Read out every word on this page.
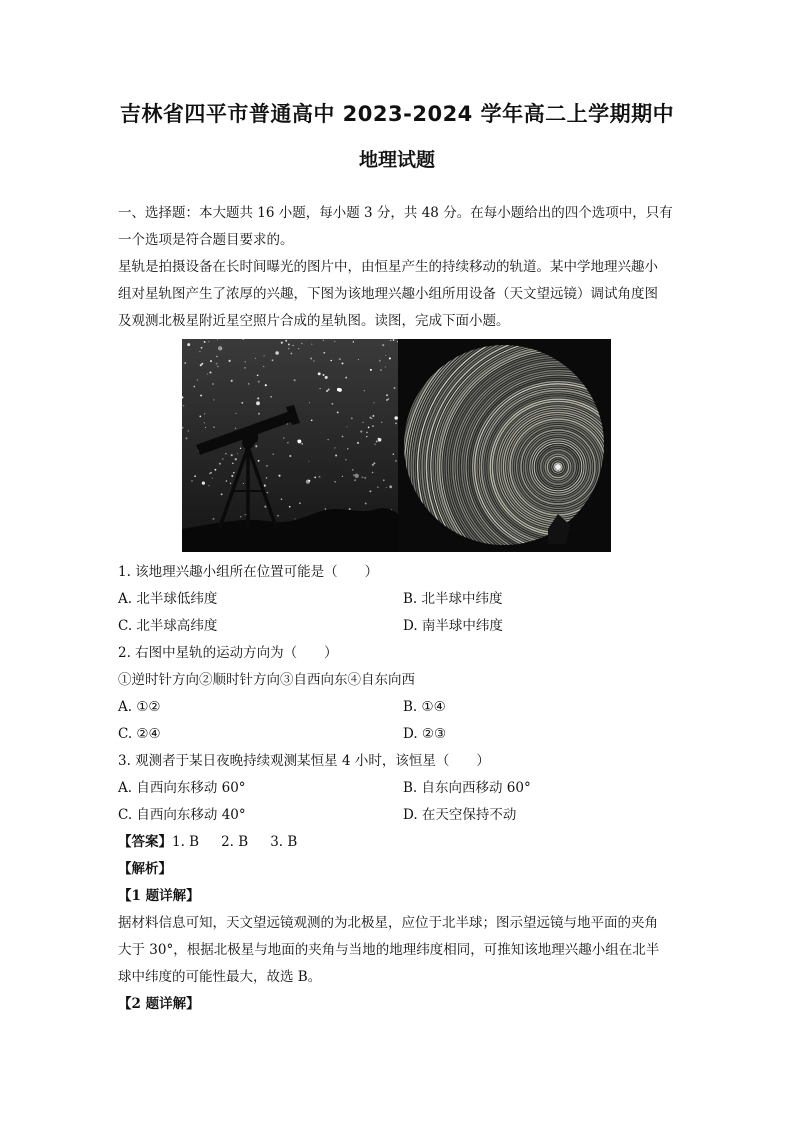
吉林省四平市普通高中 2023-2024 学年高二上学期期中
地理试题
一、选择题：本大题共 16 小题，每小题 3 分，共 48 分。在每小题给出的四个选项中，只有
一个选项是符合题目要求的。
星轨是拍摄设备在长时间曝光的图片中，由恒星产生的持续移动的轨道。某中学地理兴趣小
组对星轨图产生了浓厚的兴趣，下图为该地理兴趣小组所用设备（天文望远镜）调试角度图
及观测北极星附近星空照片合成的星轨图。读图，完成下面小题。
1. 该地理兴趣小组所在位置可能是（　　）
A. 北半球低纬度	B. 北半球中纬度
C. 北半球高纬度	D. 南半球中纬度
2. 右图中星轨的运动方向为（　　）
①逆时针方向②顺时针方向③自西向东④自东向西
A. ①②	B. ①④
C. ②④	D. ②③
3. 观测者于某日夜晚持续观测某恒星 4 小时，该恒星（　　）
A. 自西向东移动 60°	B. 自东向西移动 60°
C. 自西向东移动 40°	D. 在天空保持不动
【答案】1. B 2. B 3. B
【解析】
【1 题详解】
据材料信息可知，天文望远镜观测的为北极星，应位于北半球；图示望远镜与地平面的夹角
大于 30°，根据北极星与地面的夹角与当地的地理纬度相同，可推知该地理兴趣小组在北半
球中纬度的可能性最大，故选 B。
【2 题详解】
